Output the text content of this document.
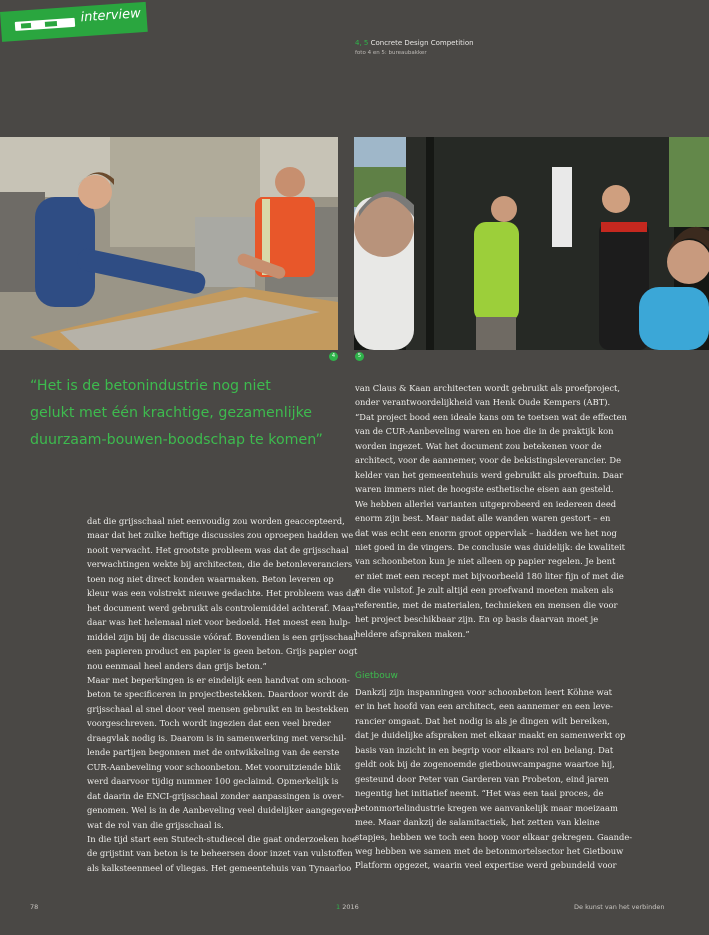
interview
4, 5 Concrete Design Competition
foto 4 en 5: bureaubakker
4	5
“Het is de betonindustrie nog niet
gelukt met één krachtige, gezamenlijke
duurzaam-bouwen-boodschap te komen”
dat die grijsschaal niet eenvoudig zou worden geaccepteerd,
maar dat het zulke heftige discussies zou oproepen hadden we
nooit verwacht. Het grootste probleem was dat de grijsschaal
verwachtingen wekte bij architecten, die de betonleveranciers
toen nog niet direct konden waarmaken. Beton leveren op
kleur was een volstrekt nieuwe gedachte. Het probleem was dat
het document werd gebruikt als controlemiddel achteraf. Maar
daar was het helemaal niet voor bedoeld. Het moest een hulp-
middel zijn bij de discussie vóóraf. Bovendien is een grijsschaal
een papieren product en papier is geen beton. Grijs papier oogt
nou eenmaal heel anders dan grijs beton.”
Maar met beperkingen is er eindelijk een handvat om schoon-
beton te specificeren in projectbestekken. Daardoor wordt de
grijsschaal al snel door veel mensen gebruikt en in bestekken
voorgeschreven. Toch wordt ingezien dat een veel breder
draagvlak nodig is. Daarom is in samenwerking met verschil-
lende partijen begonnen met de ontwikkeling van de eerste
CUR-Aanbeveling voor schoonbeton. Met vooruitziende blik
werd daarvoor tijdig nummer 100 geclaimd. Opmerkelijk is
dat daarin de ENCI-grijsschaal zonder aanpassingen is over-
genomen. Wel is in de Aanbeveling veel duidelijker aangegeven
wat de rol van die grijsschaal is.
In die tijd start een Stutech-studiecel die gaat onderzoeken hoe
de grijstint van beton is te beheersen door inzet van vulstoffen
als kalksteenmeel of vliegas. Het gemeentehuis van Tynaarloo
van Claus & Kaan architecten wordt gebruikt als proefproject,
onder verantwoordelijkheid van Henk Oude Kempers (ABT).
“Dat project bood een ideale kans om te toetsen wat de effecten
van de CUR-Aanbeveling waren en hoe die in de praktijk kon
worden ingezet. Wat het document zou betekenen voor de
architect, voor de aannemer, voor de bekistingsleverancier. De
kelder van het gemeentehuis werd gebruikt als proeftuin. Daar
waren immers niet de hoogste esthetische eisen aan gesteld.
We hebben allerlei varianten uitgeprobeerd en iedereen deed
enorm zijn best. Maar nadat alle wanden waren gestort – en
dat was echt een enorm groot oppervlak – hadden we het nog
niet goed in de vingers. De conclusie was duidelijk: de kwaliteit
van schoonbeton kun je niet alleen op papier regelen. Je bent
er niet met een recept met bijvoorbeeld 180 liter fijn of met die
en die vulstof. Je zult altijd een proefwand moeten maken als
referentie, met de materialen, technieken en mensen die voor
het project beschikbaar zijn. En op basis daarvan moet je
heldere afspraken maken.”
Gietbouw
Dankzij zijn inspanningen voor schoonbeton leert Köhne wat
er in het hoofd van een architect, een aannemer en een leve-
rancier omgaat. Dat het nodig is als je dingen wilt bereiken,
dat je duidelijke afspraken met elkaar maakt en samenwerkt op
basis van inzicht in en begrip voor elkaars rol en belang. Dat
geldt ook bij de zogenoemde gietbouwcampagne waartoe hij,
gesteund door Peter van Garderen van Probeton, eind jaren
negentig het initiatief neemt. “Het was een taai proces, de
betonmortelindustrie kregen we aanvankelijk maar moeizaam
mee. Maar dankzij de salamitactiek, het zetten van kleine
stapjes, hebben we toch een hoop voor elkaar gekregen. Gaande-
weg hebben we samen met de betonmortelsector het Gietbouw
Platform opgezet, waarin veel expertise werd gebundeld voor
78	1 2016	De kunst van het verbinden
